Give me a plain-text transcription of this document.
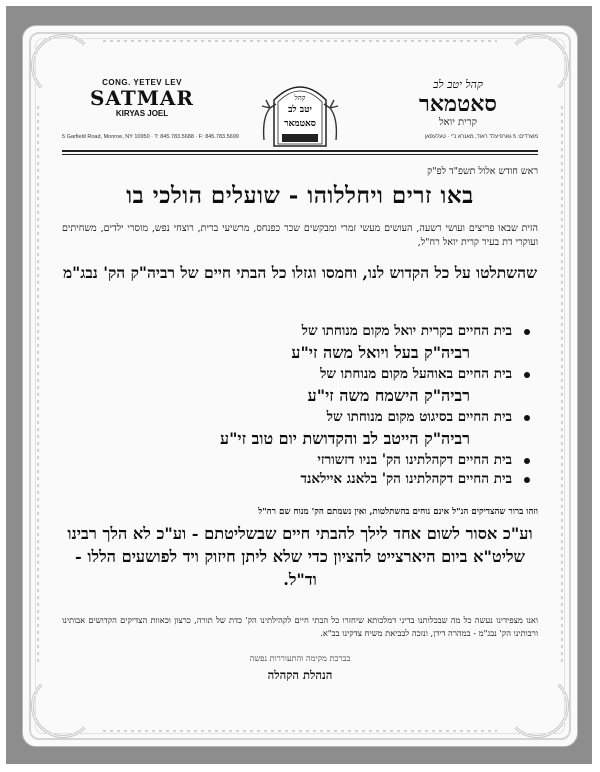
CONG. YETEV LEV
SATMAR
KIRYAS JOEL
קהל
יטב לב
סאטמאר
קהל יטב לב
סאטמאר
קרית יואל
5 Garfield Road, Monroe, NY 10950 · T: 845.783.5688 · F: 845.783.5699	משרדים: 5 גארפיעלד ראוד, מאנרא נ"י · טעלעפאן
ראש חודש אלול תשפ"ד לפ"ק
באו זרים ויחללוהו - שועלים הולכי בו
הזית שבאו פריצים ועושי רשעה, העושים מעשי זמרי ומבקשים שכר כפנחס, מרשיעי ברית, רוצחי נפש, מוסרי ילדים, משחיתים ועוקרי דת בעיר קרית יואל רח"ל,
שהשתלטו על כל הקדוש לנו, וחמסו וגזלו כל הבתי חיים של רביה"ק הק' נבג"מ
בית החיים בקרית יואל מקום מנוחתו של
רביה"ק בעל ויואל משה זי"ע
בית החיים באוהעל מקום מנוחתו של
רביה"ק הישמח משה זי"ע
בית החיים בסיגוט מקום מנוחתו של
רביה"ק הייטב לב והקדושת יום טוב זי"ע
בית החיים דקהלתינו הק' בניו דזשורזי
בית החיים דקהלתינו הק' בלאנג איילאנד
וזהו ברור שהצדיקים הנ"ל אינם נוחים בהשתלטות, ואין נשמתם הק' מנוח שם רח"ל
וע"כ אסור לשום אחד לילך להבתי חיים שבשליטתם - וע"כ לא הלך רבינו שליט"א ביום היארצייט להציון כדי שלא ליתן חיזוק ויד לפושעים הללו - וד"ל.
ואנו מצפידינו נעשה כל מה שבכלותנו בדיני דמלכותא שיחזרו כל הבתי חיים לקהילתינו הק' כדת של תורה, כרצון וכאוות הצדיקים הקדושים אבותינו ורבותינו הק' נבג"מ - במהרה דידן, ונזכה לבביאת משיח צדקינו בב"א.
בברכת מקימה והתעוררות נפשה
הנהלת הקהלה
